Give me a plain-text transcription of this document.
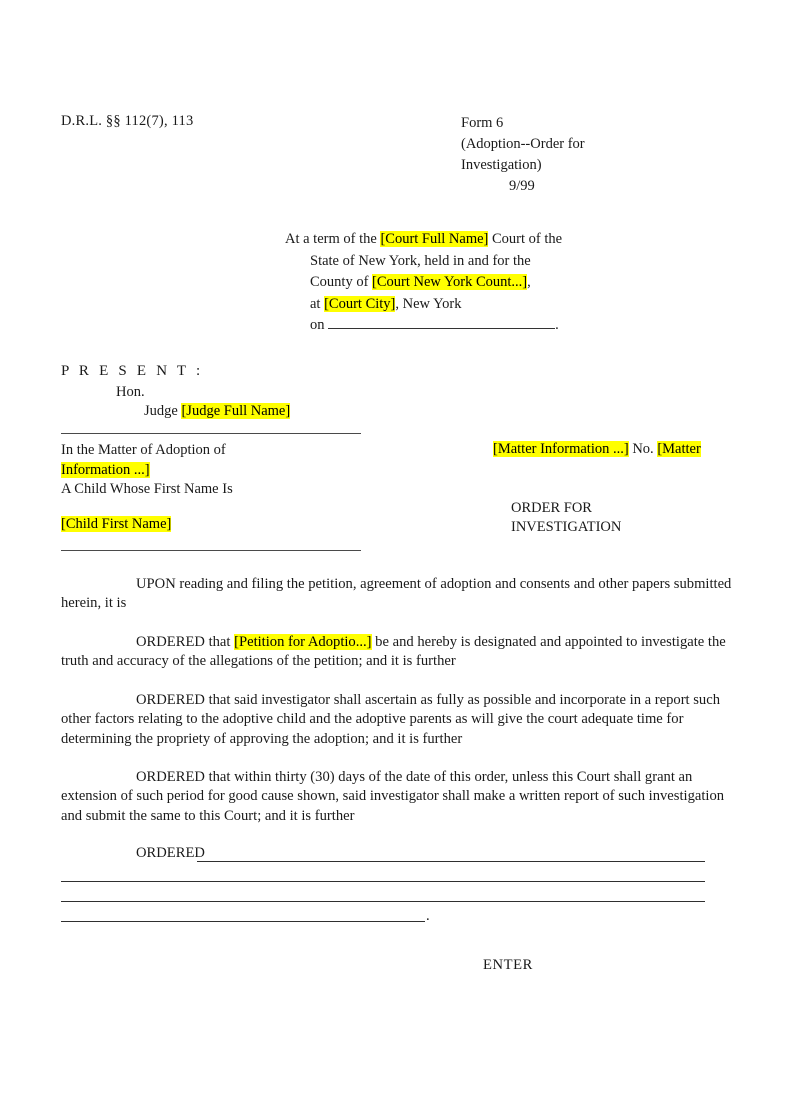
D.R.L. §§ 112(7), 113	Form 6
(Adoption--Order for
Investigation)
9/99
At a term of the [Court Full Name] Court of the
State of New York, held in and for the
County of [Court New York Count...],
at [Court City], New York
on	.
P R E S E N T :
Hon.
Judge [Judge Full Name]
In the Matter of Adoption of
Information ...]
A Child Whose First Name Is
[Child First Name]
[Matter Information ...] No. [Matter
ORDER FOR
INVESTIGATION
UPON reading and filing the petition, agreement of adoption and consents and other papers submitted herein, it is
ORDERED that [Petition for Adoptio...] be and hereby is designated and appointed to investigate the truth and accuracy of the allegations of the petition; and it is further
ORDERED that said investigator shall ascertain as fully as possible and incorporate in a report such other factors relating to the adoptive child and the adoptive parents as will give the court adequate time for determining the propriety of approving the adoption; and it is further
ORDERED that within thirty (30) days of the date of this order, unless this Court shall grant an extension of such period for good cause shown, said investigator shall make a written report of such investigation and submit the same to this Court; and it is further
ORDERED
.
ENTER
